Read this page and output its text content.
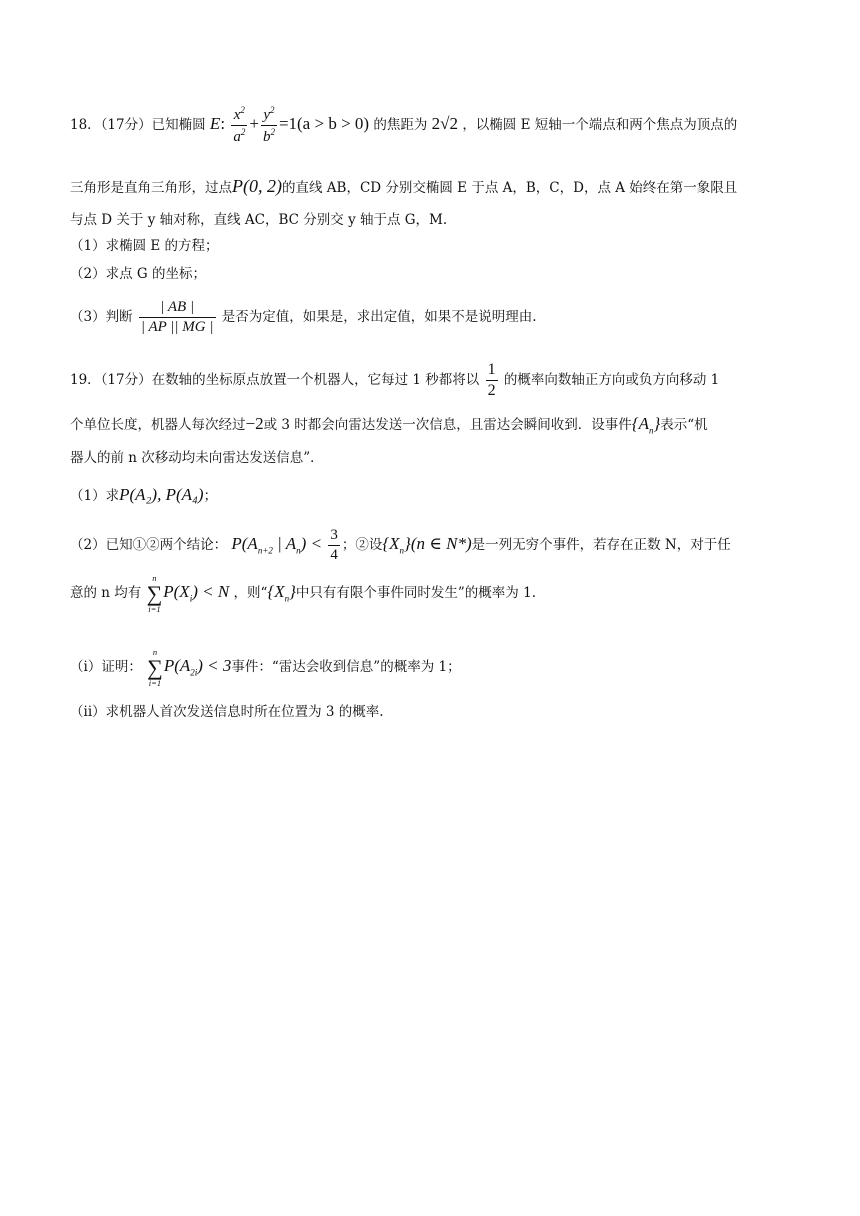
18．（17分）已知椭圆 E: $\frac{x^2}{a^2} + \frac{y^2}{b^2} =1(a > b > 0)$ 的焦距为 2√2 ，以椭圆 E 短轴一个端点和两个焦点为顶点的
三角形是直角三角形，过点P(0, 2)的直线 AB，CD 分别交椭圆 E 于点 A，B，C，D，点 A 始终在第一象限且
与点 D 关于 y 轴对称，直线 AC，BC 分别交 y 轴于点 G，M.
（1）求椭圆 E 的方程；
（2）求点 G 的坐标；
（3）判断 $\frac{| AB |}{| AP || MG |}$ 是否为定值，如果是，求出定值，如果不是说明理由.
19．（17分）在数轴的坐标原点放置一个机器人，它每过 1 秒都将以 $\frac{1}{2}$ 的概率向数轴正方向或负方向移动 1
个单位长度，机器人每次经过−2或 3 时都会向雷达发送一次信息，且雷达会瞬间收到．设事件$\{A_n\}$表示“机
器人的前 n 次移动均未向雷达发送信息”．
（1）求P(A₂), P(A₄)；
（2）已知①②两个结论： $P(A_{n+2}$ | $A_n) < \frac{3}{4}$ ；②设$\{X_n\}(n$ ∈ N*)是一列无穷个事件，若存在正数 N，对于任
意的 n 均有
n
∑
i=1
$P(X_i) < N$ ，则“$\{X_n\}$中只有有限个事件同时发生”的概率为 1.
（i）证明：
n
∑
i=1
$P(A_{2i}) < 3$事件：“雷达会收到信息”的概率为 1；
（ii）求机器人首次发送信息时所在位置为 3 的概率.
